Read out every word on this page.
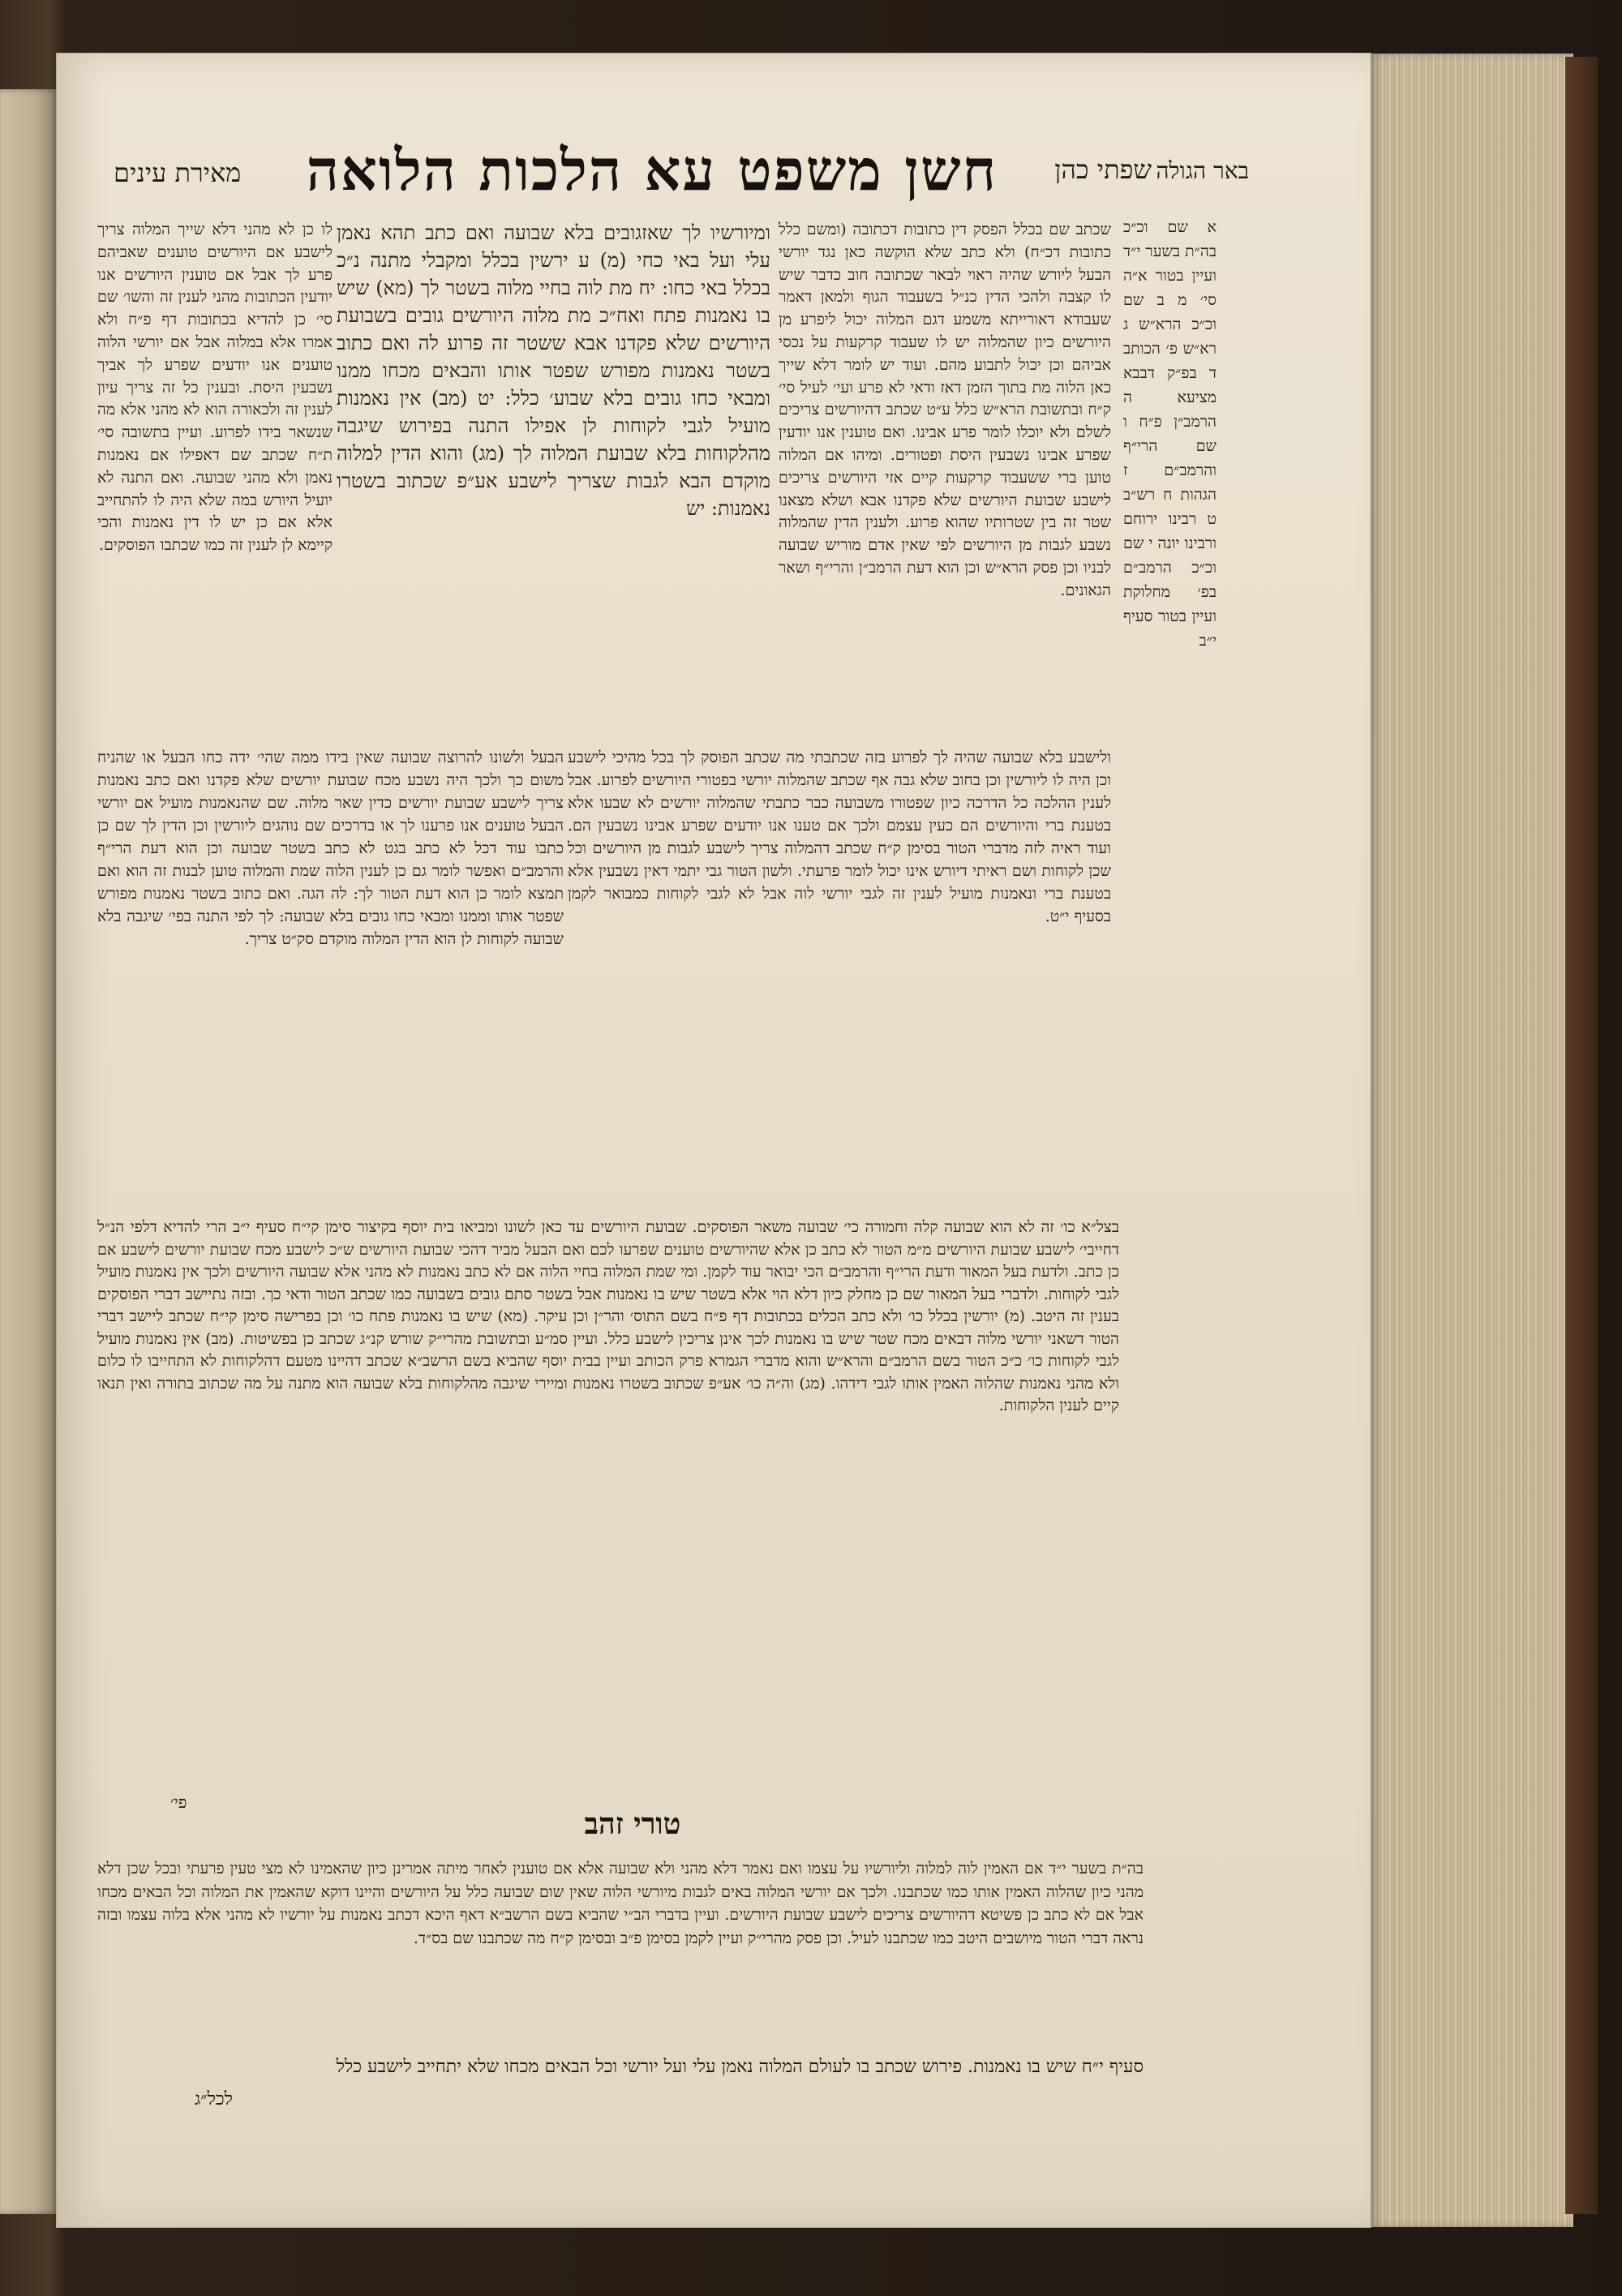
באר הגולה
שפתי כהן
חשן משפט עא הלכות הלואה
מאירת עינים
א שם וכ״כ בה״ת בשער י״ד ועיין בטור א״ה סי׳ מ ב שם וכ״כ הרא״ש ג רא״ש פ׳ הכותב ד בפ״ק דבבא מציעא ה הרמב״ן פ״ח ו שם הרי״ף והרמב״ם ז הגהות ח רש״ב ט רבינו ירוחם ורבינו יונה י שם וכ״כ הרמב״ם בפ׳ מחלוקת ועיין בטור סעיף י״ב
שכתב שם בכלל הפסק דין כתובות דכתובה (ומשם כלל כתובות דכ״ח) ולא כתב שלא הוקשה כאן נגד יורשי הבעל ליורש שהיה ראוי לבאר שכתובה חוב כדבר שיש לו קצבה ולהכי הדין כנ״ל בשעבוד הגוף ולמאן דאמר שעבודא דאורייתא משמע דגם המלוה יכול ליפרע מן היורשים כיון שהמלוה יש לו שעבוד קרקעות על נכסי אביהם וכן יכול לתבוע מהם. ועוד יש לומר דלא שייך כאן הלוה מת בתוך הזמן דאז ודאי לא פרע ועי׳ לעיל סי׳ ק״ח ובתשובת הרא״ש כלל ע״ט שכתב דהיורשים צריכים לשלם ולא יוכלו לומר פרע אבינו. ואם טוענין אנו יודעין שפרע אבינו נשבעין היסת ופטורים. ומיהו אם המלוה טוען ברי ששעבוד קרקעות קיים אזי היורשים צריכים לישבע שבועת היורשים שלא פקדנו אבא ושלא מצאנו שטר זה בין שטרותיו שהוא פרוע. ולענין הדין שהמלוה נשבע לגבות מן היורשים לפי שאין אדם מוריש שבועה לבניו וכן פסק הרא״ש וכן הוא דעת הרמב״ן והרי״ף ושאר הגאונים.
ומיורשיו לך שאזגובים בלא שבועה ואם כתב תהא נאמן עלי ועל באי כחי (מ) ע ירשין בכלל ומקבלי מתנה נ״כ בכלל באי כחו: יח מת לוה בחיי מלוה בשטר לך (מא) שיש בו נאמנות פתח ואח״כ מת מלוה היורשים גובים בשבועת היורשים שלא פקדנו אבא ששטר זה פרוע לה ואם כתוב בשטר נאמנות מפורש שפטר אותו והבאים מכחו ממנו ומבאי כחו גובים בלא שבוע׳ כלל: יט (מב) אין נאמנות מועיל לגבי לקוחות לן אפילו התנה בפירוש שיגבה מהלקוחות בלא שבועת המלוה לך (מג) והוא הדין למלוה מוקדם הבא לגבות שצריך לישבע אע״פ שכתוב בשטרו נאמנות: יש
לו כן לא מהני דלא שייך המלוה צריך לישבע אם היורשים טוענים שאביהם פרע לך אבל אם טוענין היורשים אנו יודעין הכתובות מהני לענין זה והשו׳ שם סי׳ כן להדיא בכתובות דף פ״ח ולא אמרו אלא במלוה אבל אם יורשי הלוה טוענים אנו יודעים שפרע לך אביך נשבעין היסת. ובענין כל זה צריך עיון לענין זה ולכאורה הוא לא מהני אלא מה שנשאר בידו לפרוע. ועיין בתשובה סי׳ ת״ח שכתב שם דאפילו אם נאמנות נאמן ולא מהני שבועה. ואם התנה לא יועיל היורש במה שלא היה לו להתחייב אלא אם כן יש לו דין נאמנות והכי קיימא לן לענין זה כמו שכתבו הפוסקים.
הבעל ולשונו להרוצה שבועה שאין בידו ממה שהי׳ ידה כחו הבעל או שהניח משום כך ולכך היה נשבע מכח שבועת יורשים שלא פקדנו ואם כתב נאמנות צריך לישבע שבועת יורשים כדין שאר מלוה. שם שהנאמנות מועיל אם יורשי הבעל טוענים אנו פרענו לך או בדרכים שם נוהגים ליורשין וכן הדין לך שם כן כתבו עוד דכל לא כתב בגט לא כתב בשטר שבועה וכן הוא דעת הרי״ף והרמב״ם ואפשר לומר גם כן לענין הלוה שמת והמלוה טוען לבנות זה הוא ואם תמצא לומר כן הוא דעת הטור לך: לה הגה. ואם כתוב בשטר נאמנות מפורש שפטר אותו וממנו ומבאי כחו גובים בלא שבועה: לך לפי התנה בפי׳ שיגבה בלא שבועה לקוחות לן הוא הדין המלוה מוקדם סק״ט צריך.
ולישבע בלא שבועה שהיה לך לפרוע בזה שכתבתי מה שכתב הפוסק לך בכל מהיכי לישבע וכן היה לו ליורשין וכן בחוב שלא גבה אף שכתב שהמלוה יורשי בפטורי היורשים לפרוע. אבל לענין ההלכה כל הדרכה כיון שפטורו משבועה כבר כתבתי שהמלוה יורשים לא שבעו אלא בטענת ברי והיורשים הם כעין עצמם ולכך אם טענו אנו יודעים שפרע אבינו נשבעין הם. ועוד ראיה לזה מדברי הטור בסימן ק״ח שכתב דהמלוה צריך לישבע לגבות מן היורשים וכל שכן לקוחות ושם ראיתי דיורש אינו יכול לומר פרעתי. ולשון הטור גבי יתמי דאין נשבעין אלא בטענת ברי ונאמנות מועיל לענין זה לגבי יורשי לוה אבל לא לגבי לקוחות כמבואר לקמן בסעיף י״ט.
בצל״א כו׳ זה לא הוא שבועה קלה וחמורה כי׳ שבועה משאר הפוסקים. שבועת היורשים עד כאן לשונו ומביאו בית יוסף בקיצור סימן קי״ח סעיף י״ב הרי להדיא דלפי הנ״ל דחייבי׳ לישבע שבועת היורשים מ״מ הטור לא כתב כן אלא שהיורשים טוענים שפרעו לכם ואם הבעל מביר דהכי שבועת היורשים ש״כ לישבע מכח שבועת יורשים לישבע אם כן כתב. ולדעת בעל המאור ודעת הרי״ף והרמב״ם הכי יבואר עוד לקמן. ומי שמת המלוה בחיי הלוה אם לא כתב נאמנות לא מהני אלא שבועה היורשים ולכך אין נאמנות מועיל לגבי לקוחות. ולדברי בעל המאור שם כן מחלק כיון דלא הוי אלא בשטר שיש בו נאמנות אבל בשטר סתם גובים בשבועה כמו שכתב הטור ודאי כך. ובזה נתיישב דברי הפוסקים בענין זה היטב. (מ) יורשין בכלל כו׳ ולא כתב הכלים בכתובות דף פ״ח בשם התוס׳ והר״ן וכן עיקר. (מא) שיש בו נאמנות פתח כו׳ וכן בפרישה סימן קי״ח שכתב ליישב דברי הטור דשאני יורשי מלוה דבאים מכח שטר שיש בו נאמנות לכך אינן צריכין לישבע כלל. ועיין סמ״ע ובתשובת מהרי״ק שורש קנ״ג שכתב כן בפשיטות. (מב) אין נאמנות מועיל לגבי לקוחות כו׳ כ״כ הטור בשם הרמב״ם והרא״ש והוא מדברי הגמרא פרק הכותב ועיין בבית יוסף שהביא בשם הרשב״א שכתב דהיינו מטעם דהלקוחות לא התחייבו לו כלום ולא מהני נאמנות שהלוה האמין אותו לגבי דידהו. (מג) וה״ה כו׳ אע״פ שכתוב בשטרו נאמנות ומיירי שיגבה מהלקוחות בלא שבועה הוא מתנה על מה שכתוב בתורה ואין תנאו קיים לענין הלקוחות.
פי׳
טורי זהב
בה״ת בשער י״ד אם האמין לוה למלוה וליורשיו על עצמו ואם נאמר דלא מהני ולא שבועה אלא אם טוענין לאחר מיתה אמרינן כיון שהאמינו לא מצי טעין פרעתי ובכל שכן דלא מהני כיון שהלוה האמין אותו כמו שכתבנו. ולכך אם יורשי המלוה באים לגבות מיורשי הלוה שאין שום שבועה כלל על היורשים והיינו דוקא שהאמין את המלוה וכל הבאים מכחו אבל אם לא כתב כן פשיטא דהיורשים צריכים לישבע שבועת היורשים. ועיין בדברי הב״י שהביא בשם הרשב״א דאף היכא דכתב נאמנות על יורשיו לא מהני אלא בלוה עצמו ובזה נראה דברי הטור מיושבים היטב כמו שכתבנו לעיל. וכן פסק מהרי״ק ועיין לקמן בסימן פ״ב ובסימן ק״ח מה שכתבנו שם בס״ד.
סעיף י״ח שיש בו נאמנות. פירוש שכתב בו לעולם המלוה נאמן עלי ועל יורשי וכל הבאים מכחו שלא יתחייב לישבע כלל
לכל״ג
